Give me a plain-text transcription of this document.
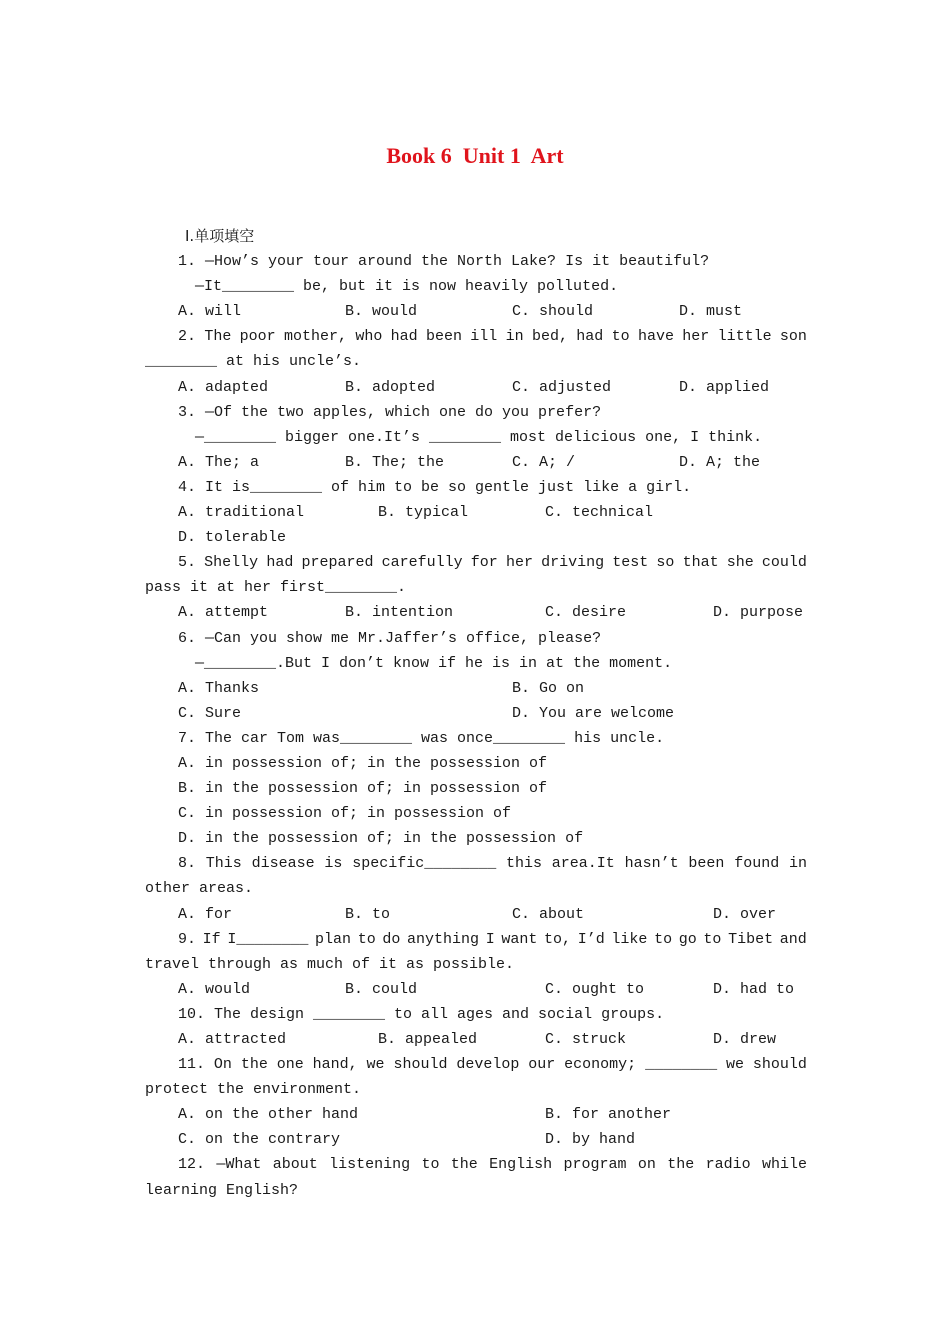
Book 6  Unit 1  Art
Ⅰ.单项填空
1. —How’s your tour around the North Lake? Is it beautiful?
—It________ be, but it is now heavily polluted.

A. will

	B. would

	C. should

	D. must

2. The poor mother, who had been ill in bed, had to have her little son
________ at his uncle’s.

A. adapted

	B. adopted

	C. adjusted

	D. applied

3. —Of the two apples, which one do you prefer?
—________ bigger one.It’s ________ most delicious one, I think.

A. The; a

	B. The; the

	C. A; /

	D. A; the

4. It is________ of him to be so gentle just like a girl.

A. traditional

	B. typical

	C. technical

D. tolerable
5. Shelly had prepared carefully for her driving test so that she could
pass it at her first________.

A. attempt

	B. intention

	C. desire

	D. purpose

6. —Can you show me Mr.Jaffer’s office, please?
—________.But I don’t know if he is in at the moment.

A. Thanks

	B. Go on

C. Sure

	D. You are welcome

7. The car Tom was________ was once________ his uncle.
A. in possession of; in the possession of
B. in the possession of; in possession of
C. in possession of; in possession of
D. in the possession of; in the possession of
8. This disease is specific________ this area.It hasn’t been found in
other areas.

A. for

	B. to

	C. about

	D. over

9. If I________ plan to do anything I want to, I’d like to go to Tibet and
travel through as much of it as possible.

A. would

	B. could

	C. ought to

	D. had to

10. The design ________ to all ages and social groups.

A. attracted

	B. appealed

	C. struck

	D. drew

11. On the one hand, we should develop our economy; ________ we should
protect the environment.

A. on the other hand

	B. for another

C. on the contrary

	D. by hand

12. —What about listening to the English program on the radio while
learning English?
